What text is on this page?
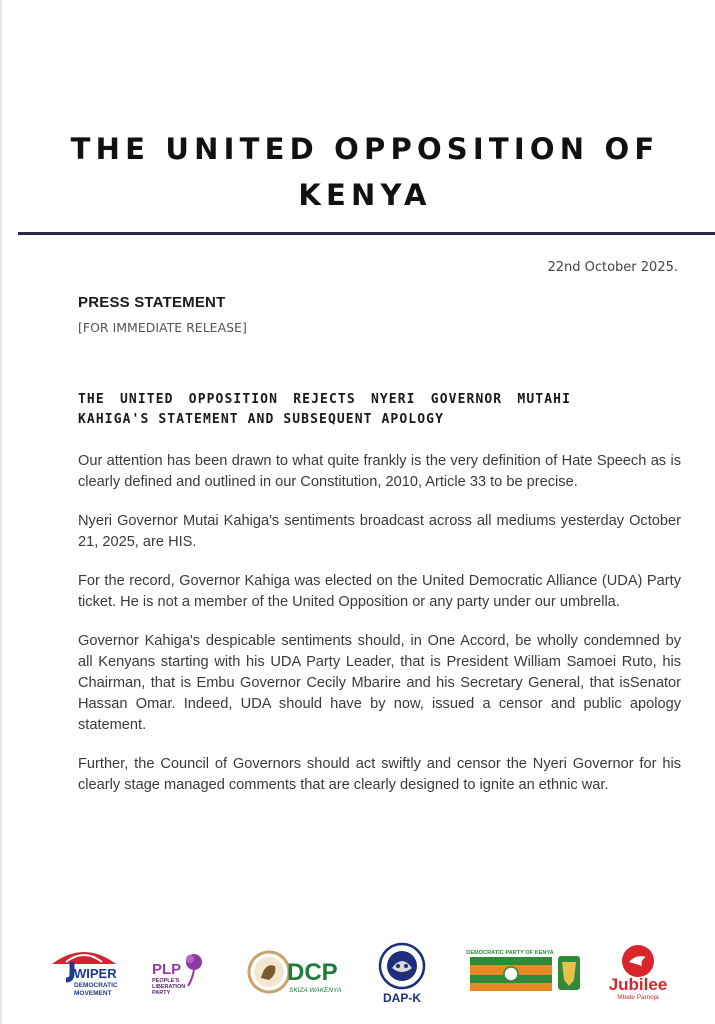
THE UNITED OPPOSITION OF
KENYA
22nd October 2025.
PRESS STATEMENT
[FOR IMMEDIATE RELEASE]
THE UNITED OPPOSITION REJECTS NYERI GOVERNOR MUTAHI
KAHIGA'S STATEMENT AND SUBSEQUENT APOLOGY

Our attention has been drawn to what quite frankly is the very definition of Hate Speech as is clearly defined and outlined in our Constitution, 2010, Article 33 to be precise.

Nyeri Governor Mutai Kahiga's sentiments broadcast across all mediums yesterday October 21, 2025, are HIS.

For the record, Governor Kahiga was elected on the United Democratic Alliance (UDA) Party ticket. He is not a member of the United Opposition or any party under our umbrella.

Governor Kahiga's despicable sentiments should, in One Accord, be wholly condemned by all Kenyans starting with his UDA Party Leader, that is President William Samoei Ruto, his Chairman, that is Embu Governor Cecily Mbarire and his Secretary General, that isSenator Hassan Omar. Indeed, UDA should have by now, issued a censor and public apology statement.

Further, the Council of Governors should act swiftly and censor the Nyeri Governor for his clearly stage managed comments that are clearly designed to ignite an ethnic war.

WIPER
DEMOCRATIC
MOVEMENT
PLP
PEOPLE'S
LIBERATION
PARTY
DCP
SKIZA WAKENYA
DAP-K
DEMOCRATIC PARTY OF KENYA
Jubilee
Mbele Pamoja
